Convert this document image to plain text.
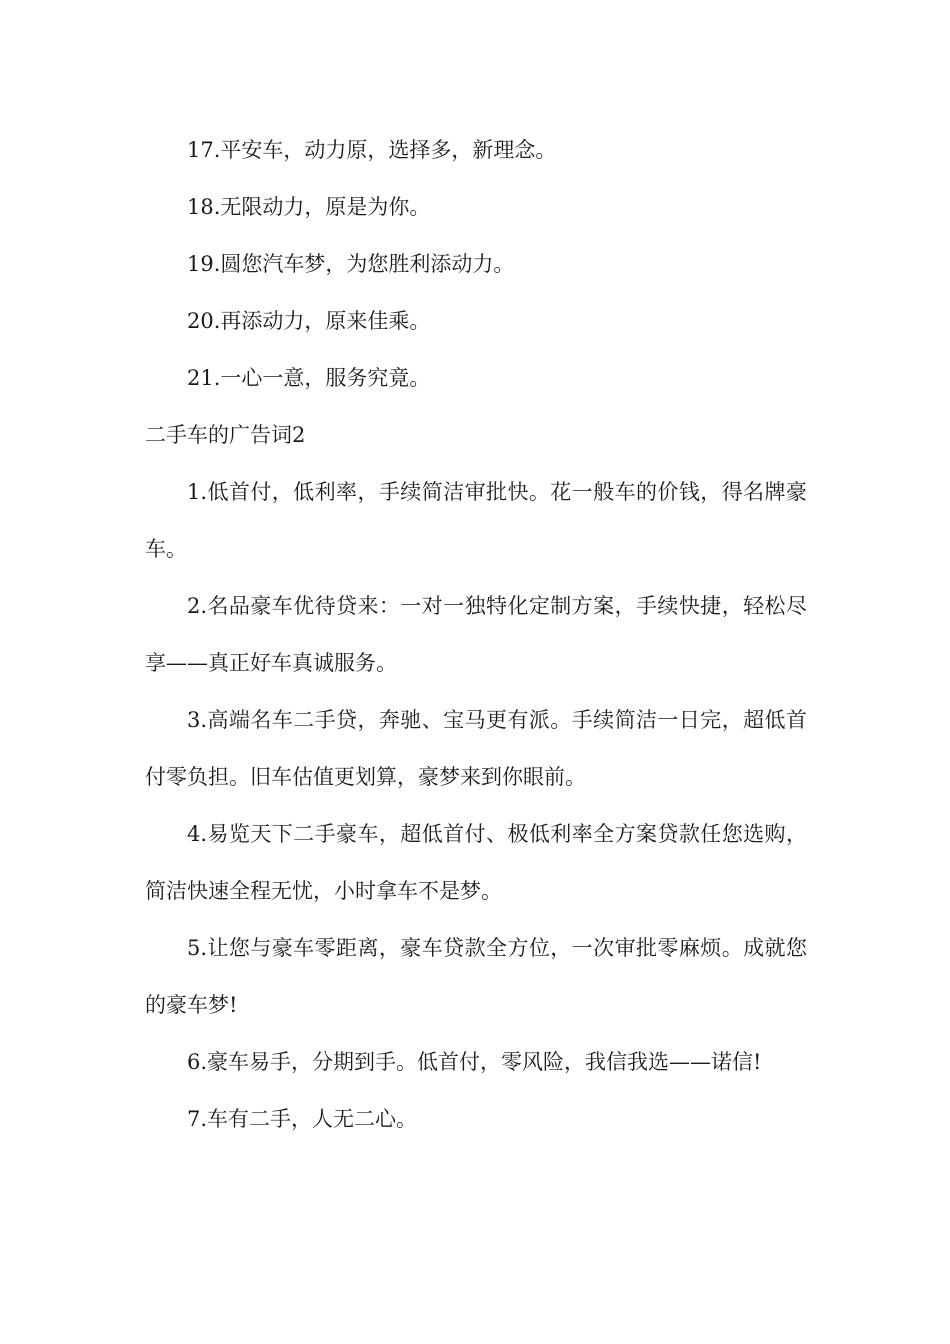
17.平安车，动力原，选择多，新理念。

18.无限动力，原是为你。

19.圆您汽车梦，为您胜利添动力。

20.再添动力，原来佳乘。

21.一心一意，服务究竟。

二手车的广告词2

1.低首付，低利率，手续简洁审批快。花一般车的价钱，得名牌豪车。

2.名品豪车优待贷来：一对一独特化定制方案，手续快捷，轻松尽享——真正好车真诚服务。

3.高端名车二手贷，奔驰、宝马更有派。手续简洁一日完，超低首付零负担。旧车估值更划算，豪梦来到你眼前。

4.易览天下二手豪车，超低首付、极低利率全方案贷款任您选购，简洁快速全程无忧，小时拿车不是梦。

5.让您与豪车零距离，豪车贷款全方位，一次审批零麻烦。成就您的豪车梦!

6.豪车易手，分期到手。低首付，零风险，我信我选——诺信!

7.车有二手，人无二心。
